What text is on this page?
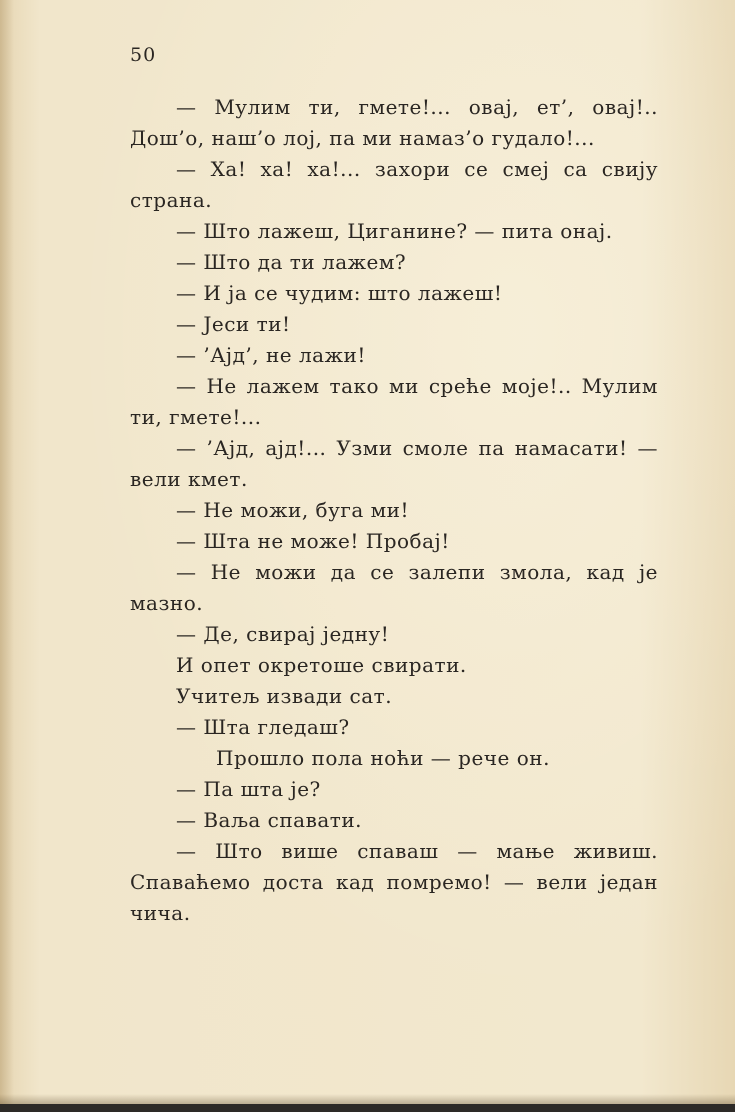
50

— Мулим ти, гмете!... овај, ет’, овај!.. Дош’о, наш’о лој, па ми намаз’о гудало!...

— Ха! ха! ха!... захори се смеј са свију страна.

— Што лажеш, Циганине? — пита онај.

— Што да ти лажем?

— И ја се чудим: што лажеш!

— Јеси ти!

— ’Ајд’, не лажи!

— Не лажем тако ми среће моје!.. Мулим ти, гмете!...

— ’Ајд, ајд!... Узми смоле па намасати! — вели кмет.

— Не можи, буга ми!

— Шта не може! Пробај!

— Не можи да се залепи змола, кад је мазно.

— Де, свирај једну!

И опет окретоше свирати.

Учитељ извади сат.

— Шта гледаш?

Прошло пола ноћи — рече он.

— Па шта је?

— Ваља спавати.

— Што више спаваш — мање живиш. Спаваћемо доста кад помремо! — вели један чича.
